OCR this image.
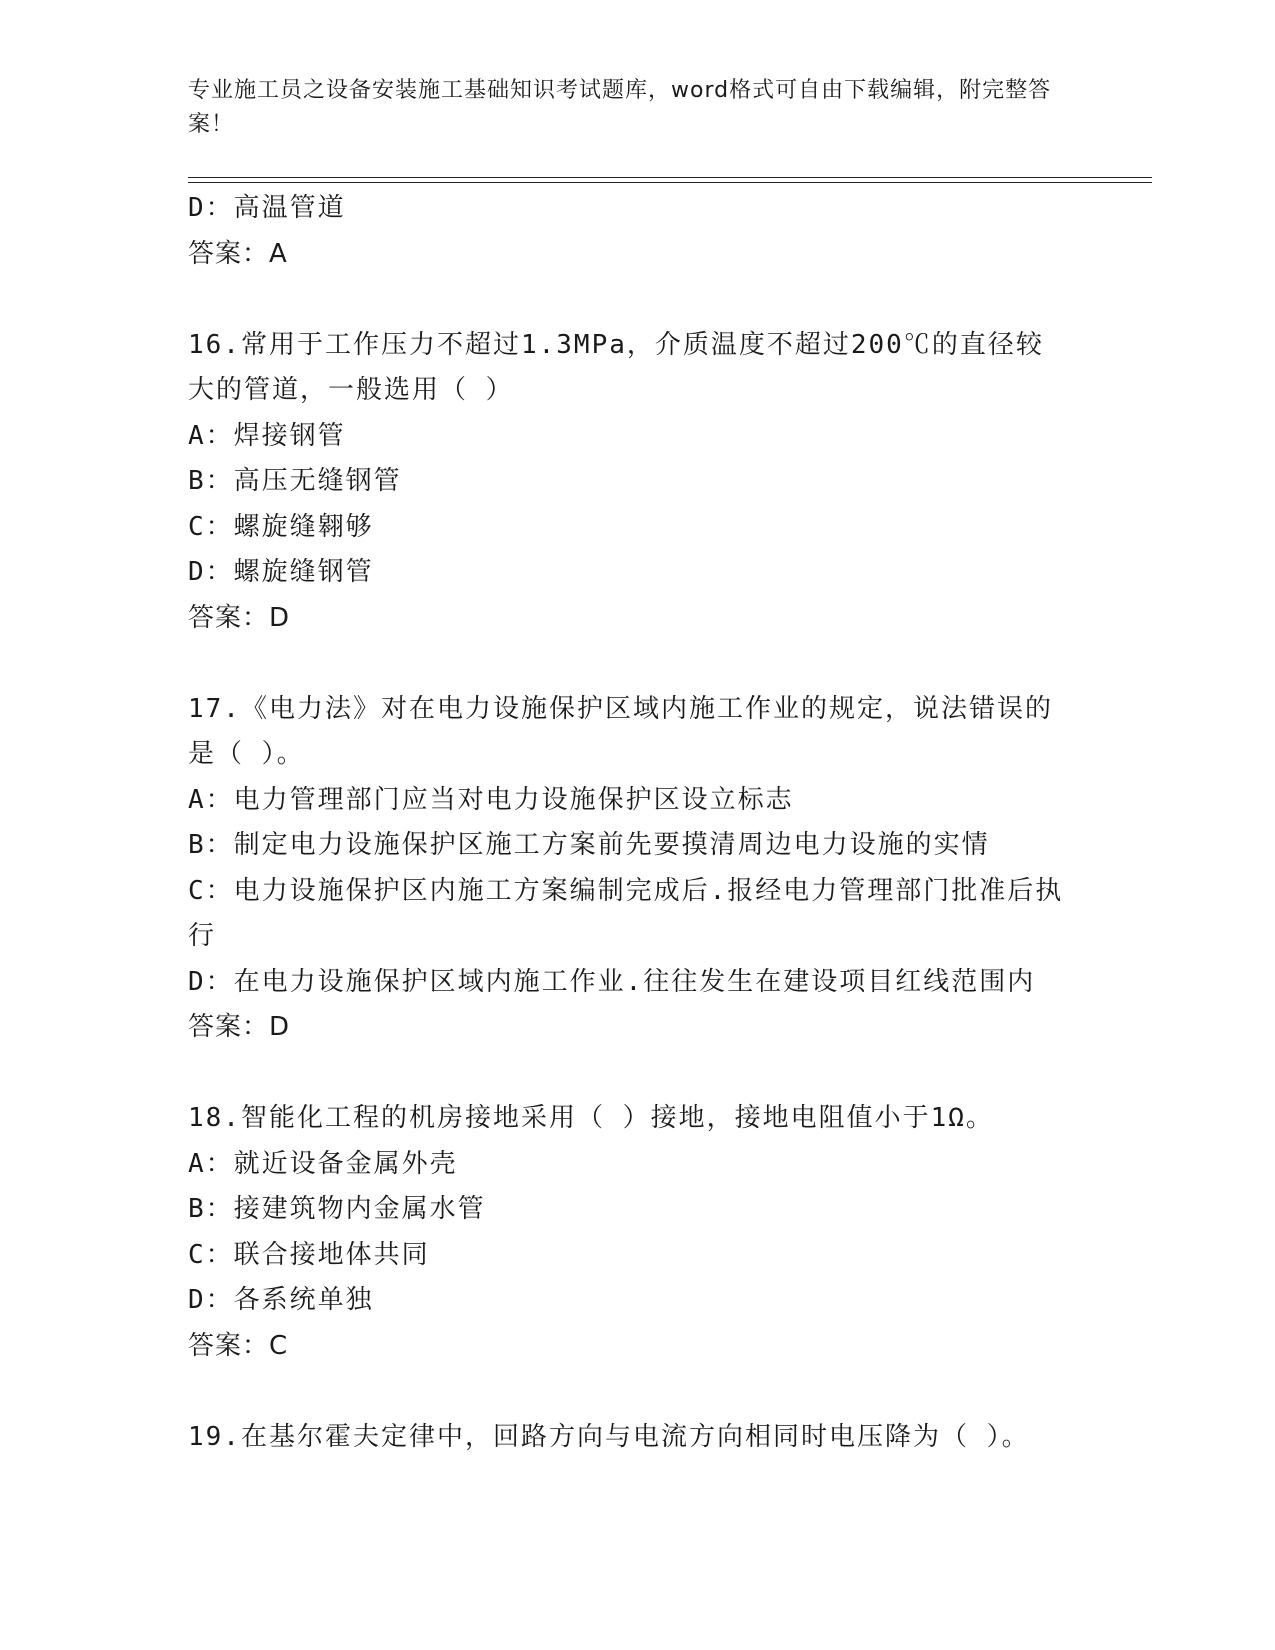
专业施工员之设备安装施工基础知识考试题库，word格式可自由下载编辑，附完整答案！
D：高温管道
答案：A
16.常用于工作压力不超过1.3MPa，介质温度不超过200℃的直径较大的管道，一般选用（ ）
A：焊接钢管
B：高压无缝钢管
C：螺旋缝翱够
D：螺旋缝钢管
答案：D
17.《电力法》对在电力设施保护区域内施工作业的规定，说法错误的是（ ）。
A：电力管理部门应当对电力设施保护区设立标志
B：制定电力设施保护区施工方案前先要摸清周边电力设施的实情
C：电力设施保护区内施工方案编制完成后.报经电力管理部门批准后执行
D：在电力设施保护区域内施工作业.往往发生在建设项目红线范围内
答案：D
18.智能化工程的机房接地采用（ ）接地，接地电阻值小于1Ω。
A：就近设备金属外壳
B：接建筑物内金属水管
C：联合接地体共同
D：各系统单独
答案：C
19.在基尔霍夫定律中，回路方向与电流方向相同时电压降为（ ）。
